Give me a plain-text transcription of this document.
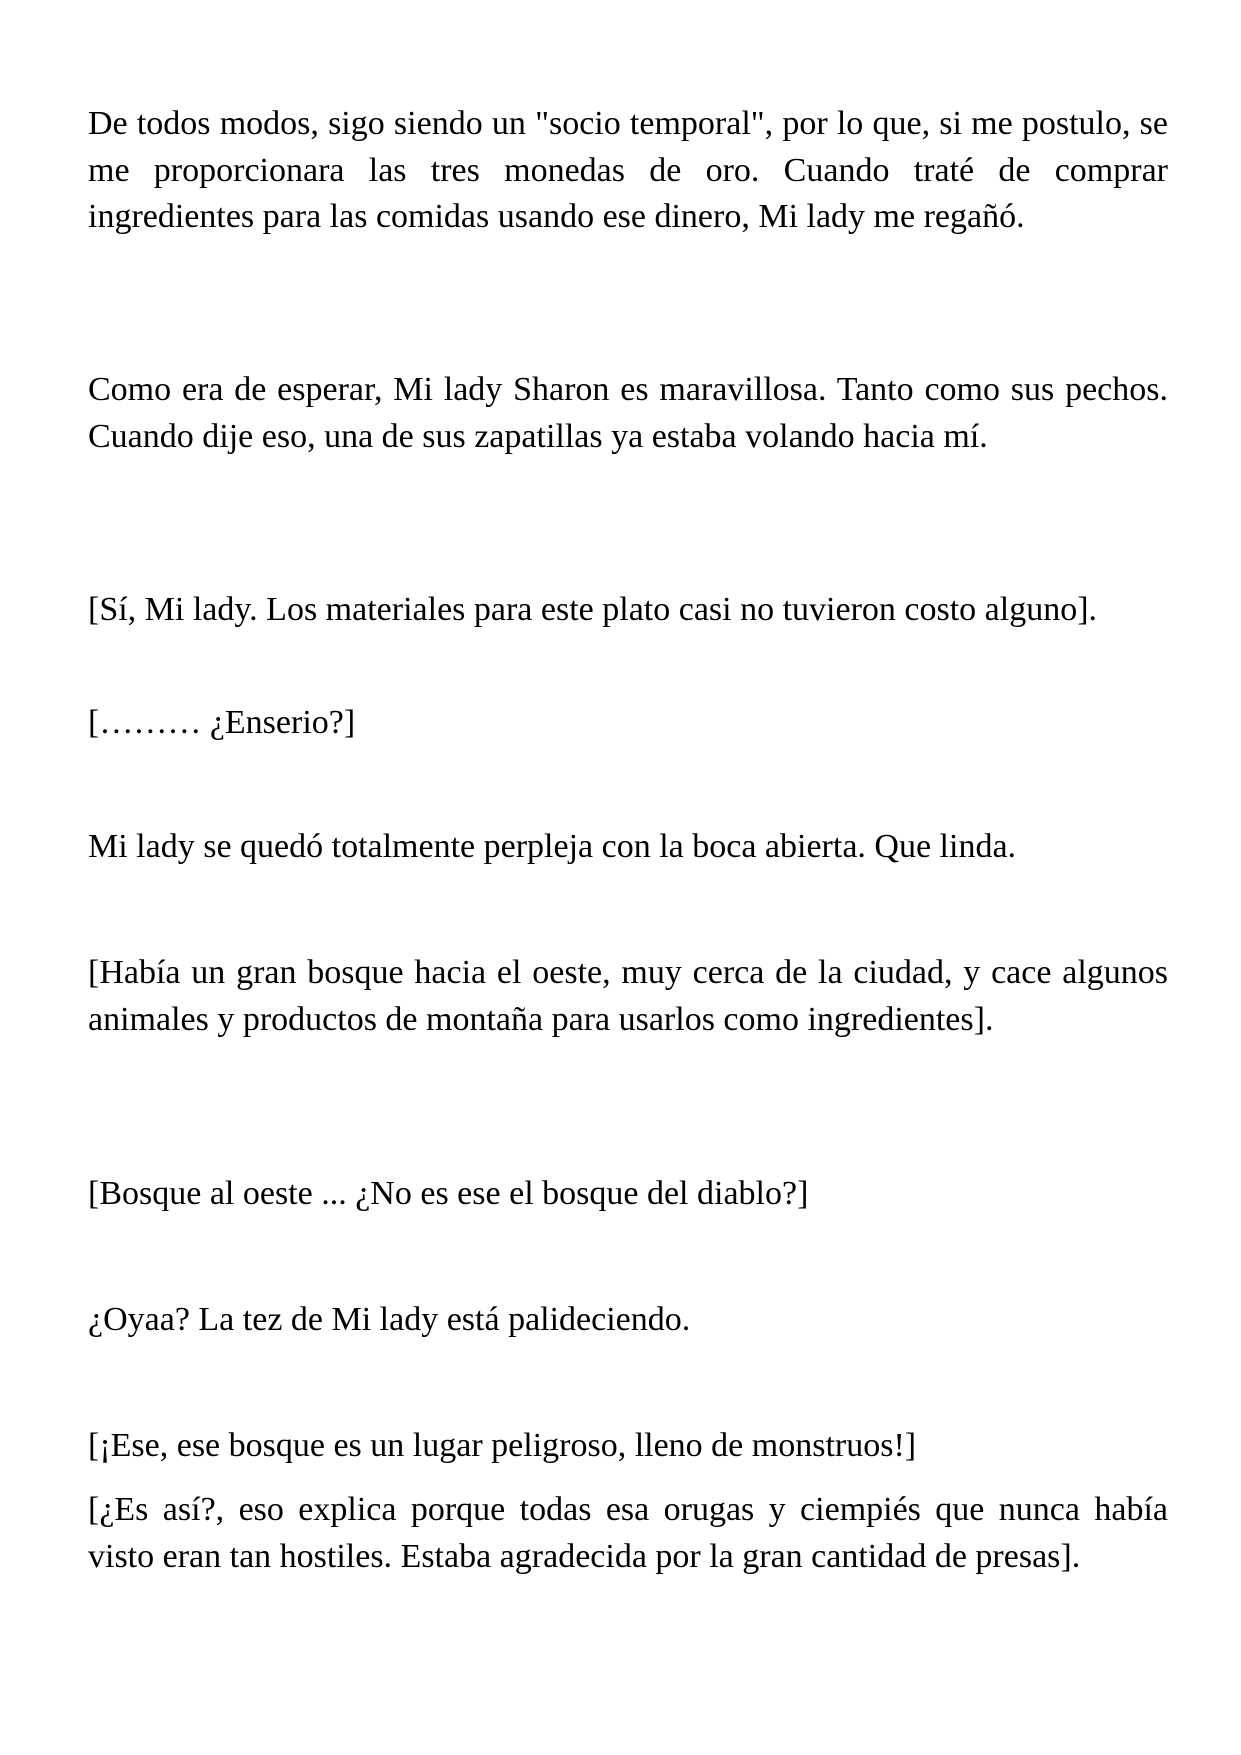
De todos modos, sigo siendo un "socio temporal", por lo que, si me postulo, se me proporcionara las tres monedas de oro. Cuando traté de comprar ingredientes para las comidas usando ese dinero, Mi lady me regañó.

Como era de esperar, Mi lady Sharon es maravillosa. Tanto como sus pechos. Cuando dije eso, una de sus zapatillas ya estaba volando hacia mí.

[Sí, Mi lady. Los materiales para este plato casi no tuvieron costo alguno].

[……… ¿Enserio?]

Mi lady se quedó totalmente perpleja con la boca abierta. Que linda.

[Había un gran bosque hacia el oeste, muy cerca de la ciudad, y cace algunos animales y productos de montaña para usarlos como ingredientes].

[Bosque al oeste ... ¿No es ese el bosque del diablo?]

¿Oyaa? La tez de Mi lady está palideciendo.

[¡Ese, ese bosque es un lugar peligroso, lleno de monstruos!]

[¿Es así?, eso explica porque todas esa orugas y ciempiés que nunca había visto eran tan hostiles. Estaba agradecida por la gran cantidad de presas].
